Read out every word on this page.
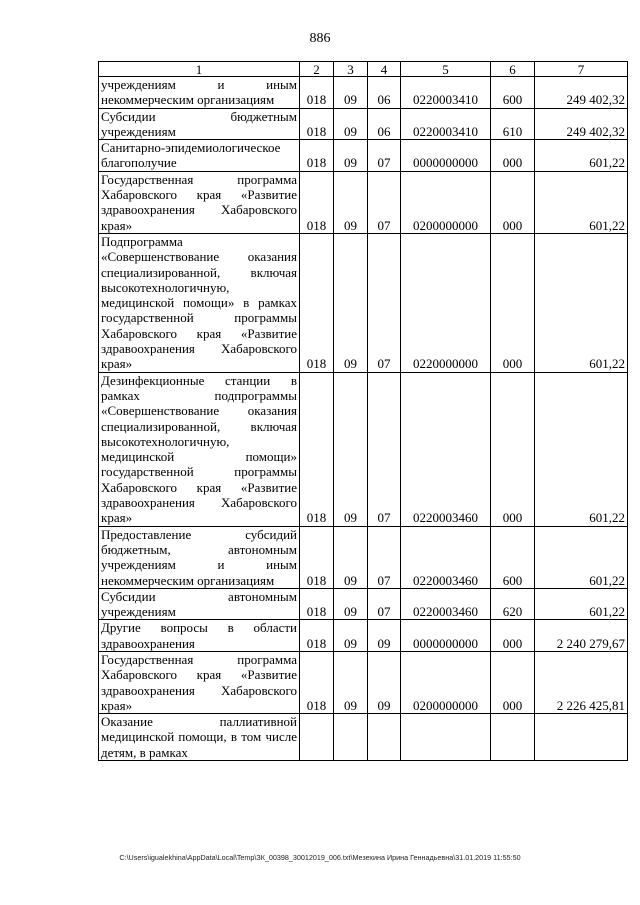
886
1	2	3	4	5	6	7
учреждениям и иным некоммерческим организациям	018	09	06	0220003410	600	249 402,32
Субсидии бюджетным учреждениям	018	09	06	0220003410	610	249 402,32
Санитарно-эпидемиологическое благополучие	018	09	07	0000000000	000	601,22
Государственная программа Хабаровского края «Развитие здравоохранения Хабаровского края»	018	09	07	0200000000	000	601,22
Подпрограмма «Совершенствование оказания специализированной, включая высокотехнологичную, медицинской помощи» в рамках государственной программы Хабаровского края «Развитие здравоохранения Хабаровского края»	018	09	07	0220000000	000	601,22
Дезинфекционные станции в рамках подпрограммы «Совершенствование оказания специализированной, включая высокотехнологичную, медицинской помощи» государственной программы Хабаровского края «Развитие здравоохранения Хабаровского края»	018	09	07	0220003460	000	601,22
Предоставление субсидий бюджетным, автономным учреждениям и иным некоммерческим организациям	018	09	07	0220003460	600	601,22
Субсидии автономным учреждениям	018	09	07	0220003460	620	601,22
Другие вопросы в области здравоохранения	018	09	09	0000000000	000	2 240 279,67
Государственная программа Хабаровского края «Развитие здравоохранения Хабаровского края»	018	09	09	0200000000	000	2 226 425,81
Оказание паллиативной медицинской помощи, в том числе детям, в рамках						
C:\Users\igualekhina\AppData\Local\Temp\ЗК_00398_30012019_006.txt\Мезехина Ирина Геннадьевна\31.01.2019 11:55:50
